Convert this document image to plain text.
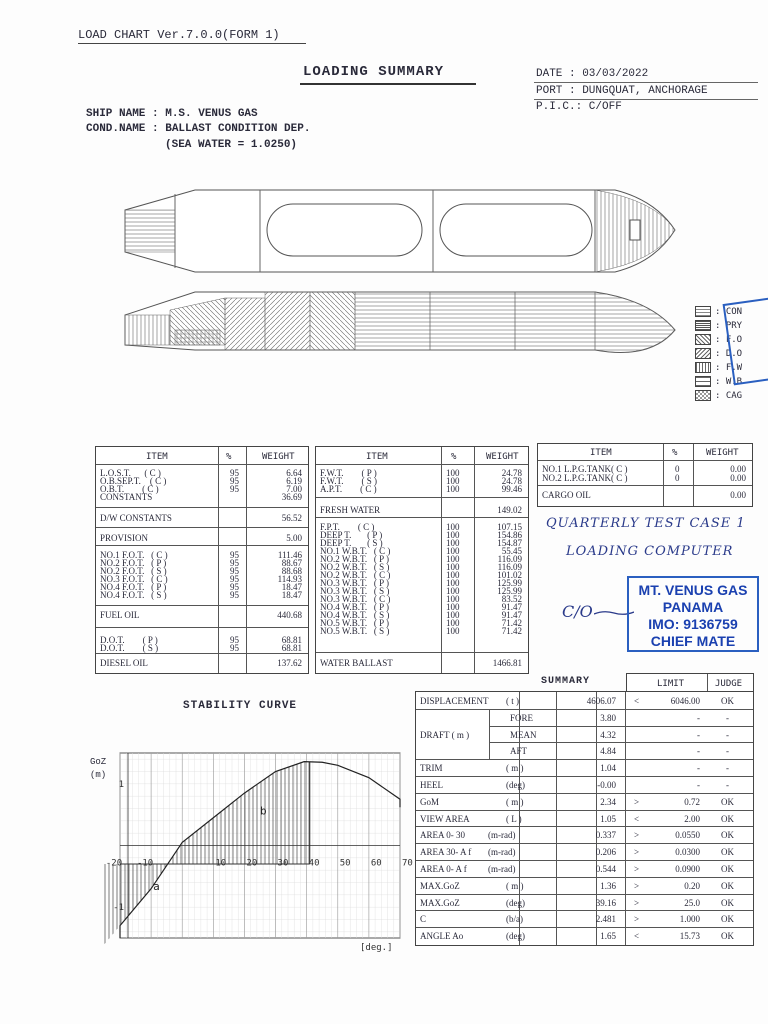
LOAD CHART Ver.7.0.0(FORM 1)
LOADING SUMMARY	DATE : 03/03/2022
PORT : DUNGQUAT, ANCHORAGE
P.I.C.: C/OFF
SHIP NAME : M.S. VENUS GAS
COND.NAME : BALLAST CONDITION DEP.
(SEA WATER = 1.0250)
: CON
: PRY
: F.O
: D.O
: F.W
: W.B
: CAG
ITEM	%	WEIGHT
L.O.S.T.      ( C )	95	6.64
O.B.SEP.T.    ( C )	95	6.19
O.B.T.        ( C )	95	7.00
CONSTANTS	36.69
D/W CONSTANTS	56.52
PROVISION	5.00
NO.1 F.O.T.   ( C )	95	111.46
NO.2 F.O.T.   ( P )	95	88.67
NO.2 F.O.T.   ( S )	95	88.68
NO.3 F.O.T.   ( C )	95	114.93
NO.4 F.O.T.   ( P )	95	18.47
NO.4 F.O.T.   ( S )	95	18.47
FUEL OIL	440.68
D.O.T.        ( P )	95	68.81
D.O.T.        ( S )	95	68.81
DIESEL OIL	137.62
ITEM	%	WEIGHT
F.W.T.        ( P )	100	24.78
F.W.T.        ( S )	100	24.78
A.P.T.        ( C )	100	99.46
FRESH WATER	149.02
F.P.T.        ( C )	100	107.15
DEEP T.       ( P )	100	154.86
DEEP T.       ( S )	100	154.87
NO.1 W.B.T.   ( C )	100	55.45
NO.2 W.B.T.   ( P )	100	116.09
NO.2 W.B.T.   ( S )	100	116.09
NO.2 W.B.T.   ( C )	100	101.02
NO.3 W.B.T.   ( P )	100	125.99
NO.3 W.B.T.   ( S )	100	125.99
NO.3 W.B.T.   ( C )	100	83.52
NO.4 W.B.T.   ( P )	100	91.47
NO.4 W.B.T.   ( S )	100	91.47
NO.5 W.B.T.   ( P )	100	71.42
NO.5 W.B.T.   ( S )	100	71.42
WATER BALLAST	1466.81
ITEM	%	WEIGHT
NO.1 L.P.G.TANK( C )	0	0.00
NO.2 L.P.G.TANK( C )	0	0.00
CARGO OIL	0.00
QUARTERLY TEST CASE 1
LOADING COMPUTER
C/O
MT. VENUS GAS
PANAMA
IMO: 9136759
CHIEF MATE
STABILITY CURVE
GoZ
(m)
-20 -10	10 20 30 40 50 60 70
1
-1
a
b
[deg.]
SUMMARY	LIMIT	JUDGE
DISPLACEMENT ( t )	4606.07 <	6046.00 OK
FORE	3.80	-	-
DRAFT ( m )	MEAN	4.32	-	-
AFT	4.84	-	-
TRIM	( m )	1.04	-	-
HEEL	(deg)	-0.00	-	-
GoM	( m )	2.34 >	0.72 OK
VIEW AREA	( L )	1.05 <	2.00 OK
AREA 0- 30	(m-rad)	0.337 >	0.0550 OK
AREA 30- A f (m-rad)	0.206 >	0.0300 OK
AREA 0- A f (m-rad)	0.544 >	0.0900 OK
MAX.GoZ	( m )	1.36 >	0.20 OK
MAX.GoZ	(deg)	39.16 >	25.0 OK
C	(b/a)	2.481 >	1.000 OK
ANGLE Ao	(deg)	1.65 <	15.73 OK
